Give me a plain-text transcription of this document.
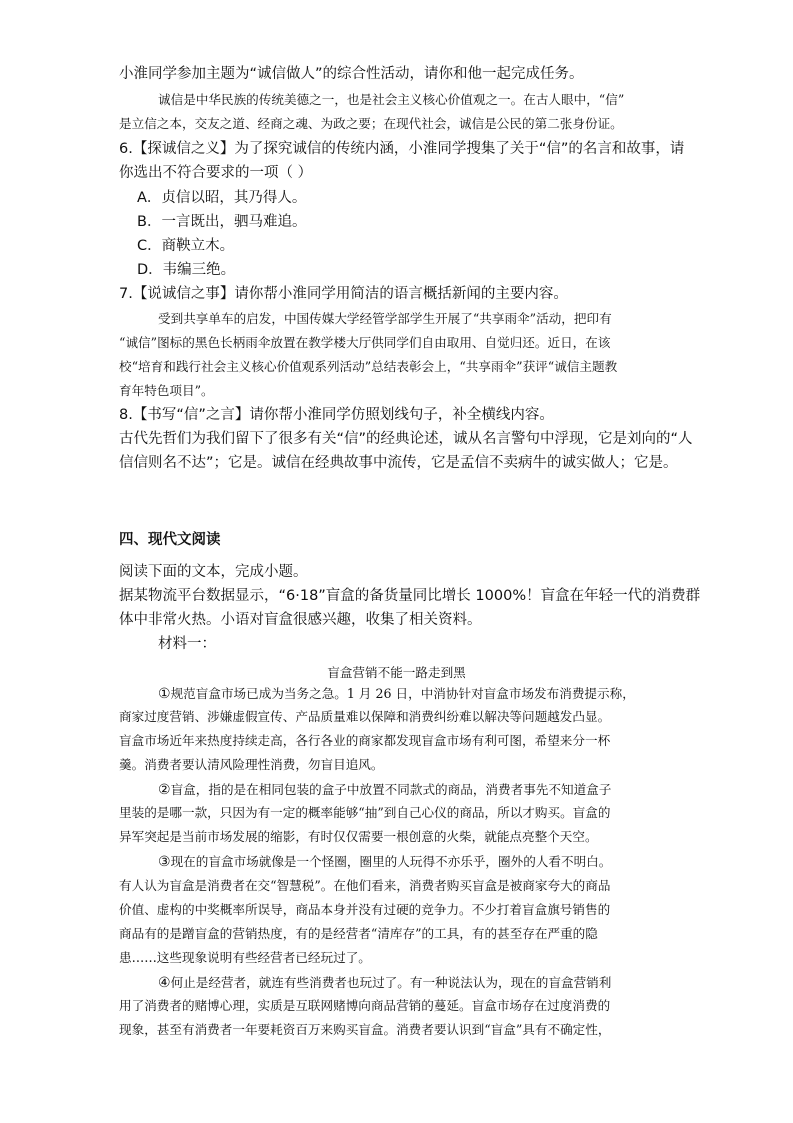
小淮同学参加主题为“诚信做人”的综合性活动，请你和他一起完成任务。
诚信是中华民族的传统美德之一，也是社会主义核心价值观之一。在古人眼中，“信”
是立信之本，交友之道、经商之魂、为政之要；在现代社会，诚信是公民的第二张身份证。
6.【探诚信之义】为了探究诚信的传统内涵，小淮同学搜集了关于“信”的名言和故事，请
你选出不符合要求的一项（ ）
A．贞信以昭，其乃得人。
B．一言既出，驷马难追。
C．商鞅立木。
D．韦编三绝。
7.【说诚信之事】请你帮小淮同学用简洁的语言概括新闻的主要内容。
受到共享单车的启发，中国传媒大学经管学部学生开展了“共享雨伞”活动，把印有
“诚信”图标的黑色长柄雨伞放置在教学楼大厅供同学们自由取用、自觉归还。近日，在该
校“培育和践行社会主义核心价值观系列活动”总结表彰会上，“共享雨伞”获评“诚信主题教
育年特色项目”。
8.【书写“信”之言】请你帮小淮同学仿照划线句子，补全横线内容。
古代先哲们为我们留下了很多有关“信”的经典论述，诚从名言警句中浮现，它是刘向的“人
信信则名不达”；它是。诚信在经典故事中流传，它是孟信不卖病牛的诚实做人；它是。
四、现代文阅读
阅读下面的文本，完成小题。
据某物流平台数据显示，“6·18”盲盒的备货量同比增长 1000%！盲盒在年轻一代的消费群
体中非常火热。小语对盲盒很感兴趣，收集了相关资料。
材料一：
盲盒营销不能一路走到黑
①规范盲盒市场已成为当务之急。1 月 26 日，中消协针对盲盒市场发布消费提示称，
商家过度营销、涉嫌虚假宣传、产品质量难以保障和消费纠纷难以解决等问题越发凸显。
盲盒市场近年来热度持续走高，各行各业的商家都发现盲盒市场有利可图，希望来分一杯
羹。消费者要认清风险理性消费，勿盲目追风。
②盲盒，指的是在相同包装的盒子中放置不同款式的商品，消费者事先不知道盒子
里装的是哪一款，只因为有一定的概率能够“抽”到自己心仪的商品，所以才购买。盲盒的
异军突起是当前市场发展的缩影，有时仅仅需要一根创意的火柴，就能点亮整个天空。
③现在的盲盒市场就像是一个怪圈，圈里的人玩得不亦乐乎，圈外的人看不明白。
有人认为盲盒是消费者在交“智慧税”。在他们看来，消费者购买盲盒是被商家夸大的商品
价值、虚构的中奖概率所误导，商品本身并没有过硬的竞争力。不少打着盲盒旗号销售的
商品有的是蹭盲盒的营销热度，有的是经营者“清库存”的工具，有的甚至存在严重的隐
患……这些现象说明有些经营者已经玩过了。
④何止是经营者，就连有些消费者也玩过了。有一种说法认为，现在的盲盒营销利
用了消费者的赌博心理，实质是互联网赌博向商品营销的蔓延。盲盒市场存在过度消费的
现象，甚至有消费者一年要耗资百万来购买盲盒。消费者要认识到“盲盒”具有不确定性，
